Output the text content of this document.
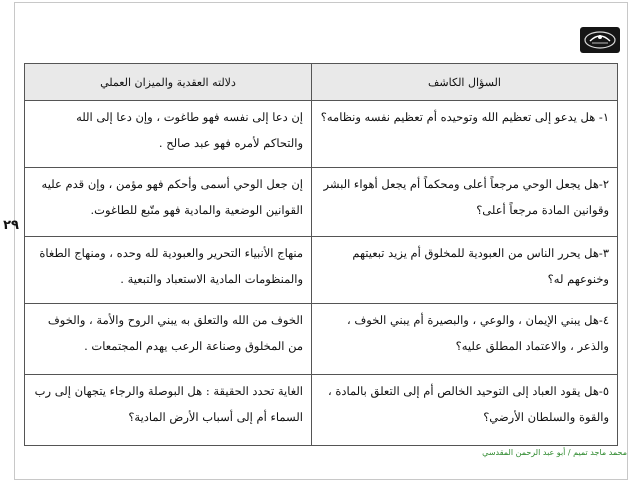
٢٩
السؤال الكاشف	دلالته العقدية والميزان العملي
١- هل يدعو إلى تعظيم الله وتوحيده أم تعظيم نفسه ونظامه؟	إن دعا إلى نفسه فهو طاغوت ، وإن دعا إلى الله والتحاكم لأمره فهو عبد صالح .
٢-هل يجعل الوحي مرجعاً أعلى ومحكماً أم يجعل أهواء البشر وقوانين المادة مرجعاً أعلى؟	إن جعل الوحي أسمى وأحكم فهو مؤمن ، وإن قدم عليه القوانين الوضعية والمادية فهو متّبع للطاغوت.
٣-هل يحرر الناس من العبودية للمخلوق أم يزيد تبعيتهم وخنوعهم له؟	منهاج الأنبياء التحرير والعبودية لله وحده ، ومنهاج الطغاة والمنظومات المادية الاستعباد والتبعية .
٤-هل يبني الإيمان ، والوعي ، والبصيرة أم يبني الخوف ، والذعر ، والاعتماد المطلق عليه؟	الخوف من الله والتعلق به يبني الروح والأمة ، والخوف من المخلوق وصناعة الرعب يهدم المجتمعات .
٥-هل يقود العباد إلى التوحيد الخالص أم إلى التعلق بالمادة ، والقوة والسلطان الأرضي؟	الغاية تحدد الحقيقة : هل البوصلة والرجاء يتجهان إلى رب السماء أم إلى أسباب الأرض المادية؟
محمد ماجد تميم / أبو عبد الرحمن المقدسي
